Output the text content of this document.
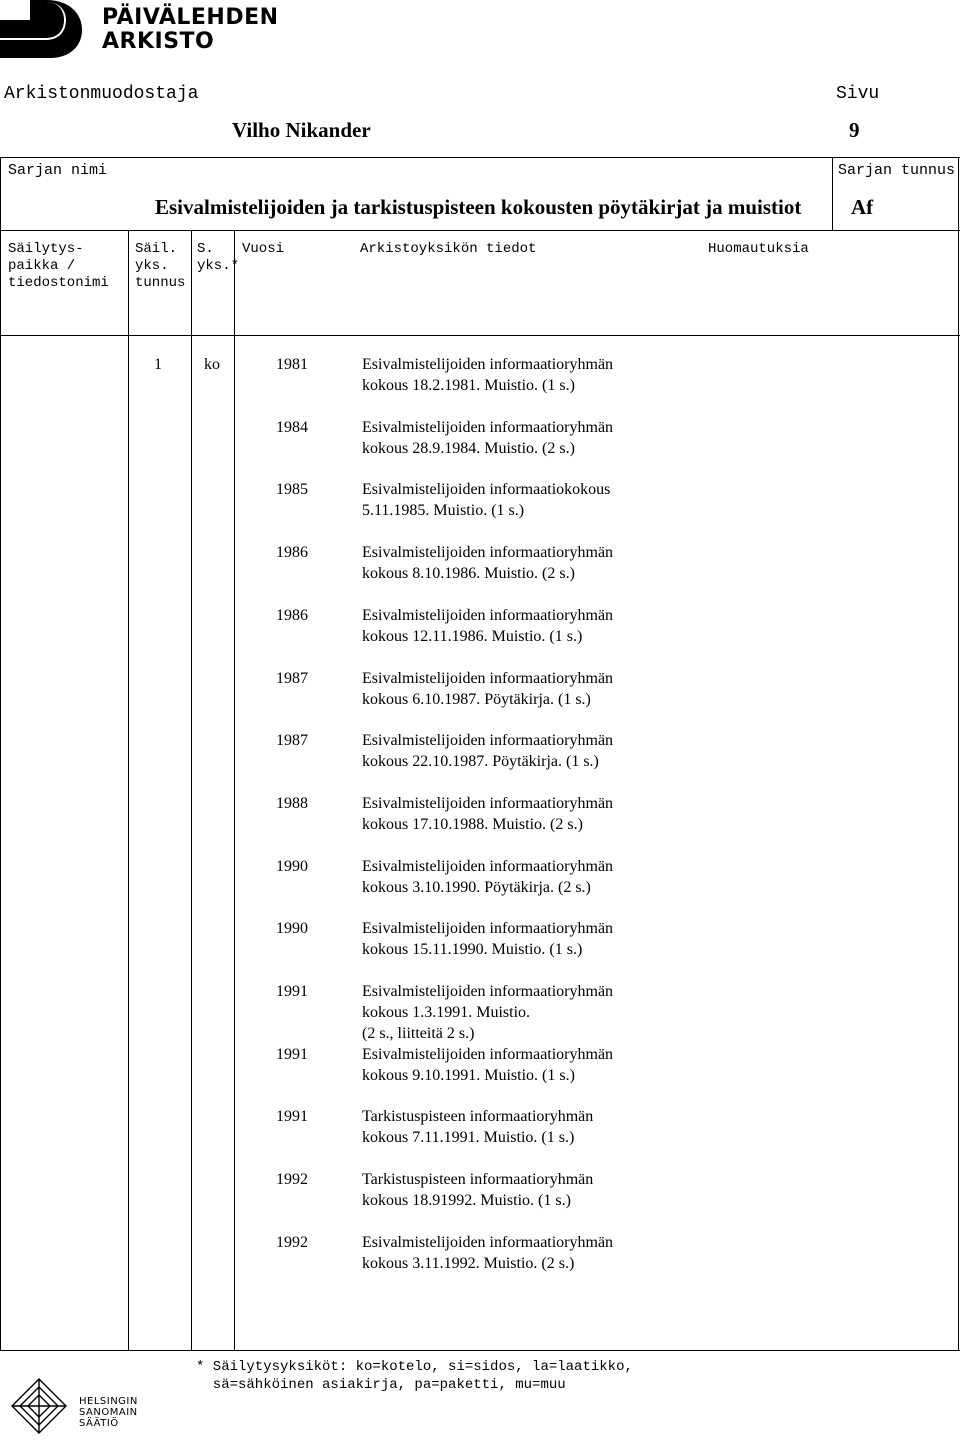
PÄIVÄLEHDEN
ARKISTO
Arkistonmuodostaja
Vilho Nikander
Sivu
9
Sarjan nimi
Esivalmistelijoiden ja tarkistuspisteen kokousten pöytäkirjat ja muistiot
Sarjan tunnus
Af
Säilytys-
paikka /
tiedostonimi
Säil.
yks.
tunnus
S.
yks.*
Vuosi	Arkistoyksikön tiedot	Huomautuksia
1	ko	1981	Esivalmistelijoiden informaatioryhmän
kokous 18.2.1981. Muistio. (1 s.)
1984	Esivalmistelijoiden informaatioryhmän
kokous 28.9.1984. Muistio. (2 s.)
1985	Esivalmistelijoiden informaatiokokous
5.11.1985. Muistio. (1 s.)
1986	Esivalmistelijoiden informaatioryhmän
kokous 8.10.1986. Muistio. (2 s.)
1986	Esivalmistelijoiden informaatioryhmän
kokous 12.11.1986. Muistio. (1 s.)
1987	Esivalmistelijoiden informaatioryhmän
kokous 6.10.1987. Pöytäkirja. (1 s.)
1987	Esivalmistelijoiden informaatioryhmän
kokous 22.10.1987. Pöytäkirja. (1 s.)
1988	Esivalmistelijoiden informaatioryhmän
kokous 17.10.1988. Muistio. (2 s.)
1990	Esivalmistelijoiden informaatioryhmän
kokous 3.10.1990. Pöytäkirja. (2 s.)
1990	Esivalmistelijoiden informaatioryhmän
kokous 15.11.1990. Muistio. (1 s.)
1991	Esivalmistelijoiden informaatioryhmän
kokous 1.3.1991. Muistio.
(2 s., liitteitä 2 s.)
1991	Esivalmistelijoiden informaatioryhmän
kokous 9.10.1991. Muistio. (1 s.)
1991	Tarkistuspisteen informaatioryhmän
kokous 7.11.1991. Muistio. (1 s.)
1992	Tarkistuspisteen informaatioryhmän
kokous 18.91992. Muistio. (1 s.)
1992	Esivalmistelijoiden informaatioryhmän
kokous 3.11.1992. Muistio. (2 s.)
* Säilytysyksiköt: ko=kotelo, si=sidos, la=laatikko,
sä=sähköinen asiakirja, pa=paketti, mu=muu
HELSINGIN
SANOMAIN
SÄÄTIÖ
